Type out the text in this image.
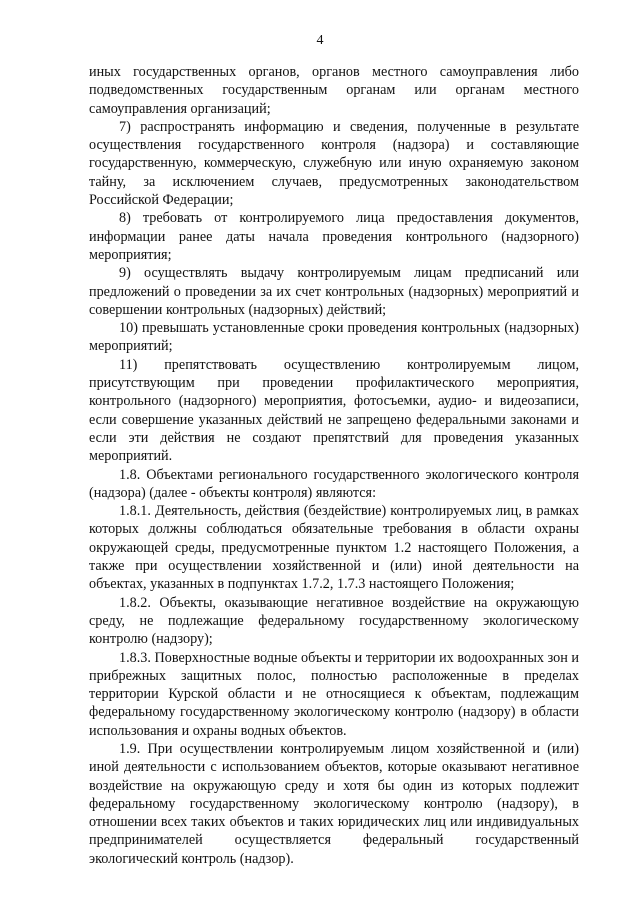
4

иных государственных органов, органов местного самоуправления либо подведомственных государственным органам или органам местного самоуправления организаций;

7) распространять информацию и сведения, полученные в результате осуществления государственного контроля (надзора) и составляющие государственную, коммерческую, служебную или иную охраняемую законом тайну, за исключением случаев, предусмотренных законодательством Российской Федерации;

8) требовать от контролируемого лица предоставления документов, информации ранее даты начала проведения контрольного (надзорного) мероприятия;

9) осуществлять выдачу контролируемым лицам предписаний или предложений о проведении за их счет контрольных (надзорных) мероприятий и совершении контрольных (надзорных) действий;

10) превышать установленные сроки проведения контрольных (надзорных) мероприятий;

11) препятствовать осуществлению контролируемым лицом, присутствующим при проведении профилактического мероприятия, контрольного (надзорного) мероприятия, фотосъемки, аудио- и видеозаписи, если совершение указанных действий не запрещено федеральными законами и если эти действия не создают препятствий для проведения указанных мероприятий.

1.8. Объектами регионального государственного экологического контроля (надзора) (далее - объекты контроля) являются:

1.8.1. Деятельность, действия (бездействие) контролируемых лиц, в рамках которых должны соблюдаться обязательные требования в области охраны окружающей среды, предусмотренные пунктом 1.2 настоящего Положения, а также при осуществлении хозяйственной и (или) иной деятельности на объектах, указанных в подпунктах 1.7.2, 1.7.3 настоящего Положения;

1.8.2. Объекты, оказывающие негативное воздействие на окружающую среду, не подлежащие федеральному государственному экологическому контролю (надзору);

1.8.3. Поверхностные водные объекты и территории их водоохранных зон и прибрежных защитных полос, полностью расположенные в пределах территории Курской области и не относящиеся к объектам, подлежащим федеральному государственному экологическому контролю (надзору) в области использования и охраны водных объектов.

1.9. При осуществлении контролируемым лицом хозяйственной и (или) иной деятельности с использованием объектов, которые оказывают негативное воздействие на окружающую среду и хотя бы один из которых подлежит федеральному государственному экологическому контролю (надзору), в отношении всех таких объектов и таких юридических лиц или индивидуальных предпринимателей осуществляется федеральный государственный экологический контроль (надзор).
